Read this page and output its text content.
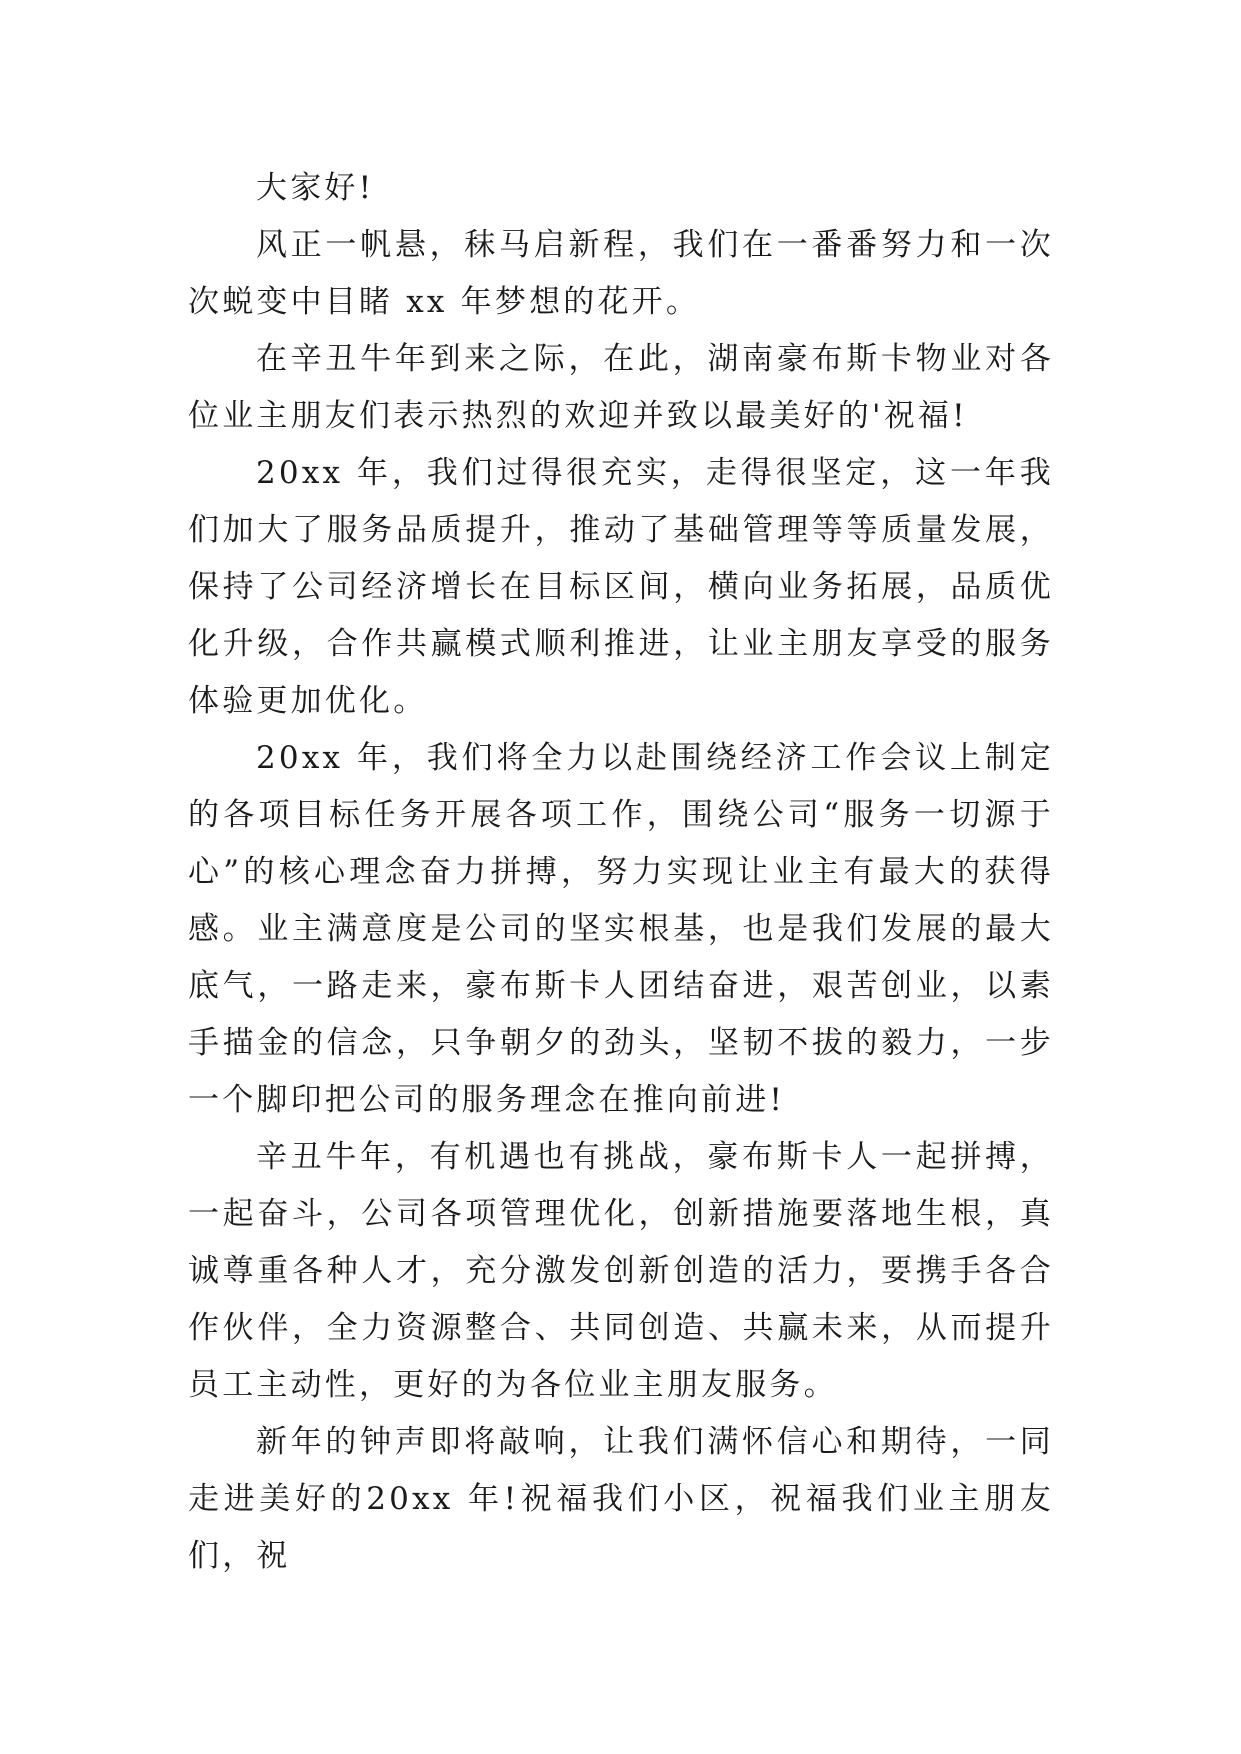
大家好!

风正一帆悬，秣马启新程，我们在一番番努力和一次次蜕变中目睹 xx 年梦想的花开。

在辛丑牛年到来之际，在此，湖南豪布斯卡物业对各位业主朋友们表示热烈的欢迎并致以最美好的'祝福!

20xx 年，我们过得很充实，走得很坚定，这一年我们加大了服务品质提升，推动了基础管理等等质量发展，保持了公司经济增长在目标区间，横向业务拓展，品质优化升级，合作共赢模式顺利推进，让业主朋友享受的服务体验更加优化。

20xx 年，我们将全力以赴围绕经济工作会议上制定的各项目标任务开展各项工作，围绕公司“服务一切源于心”的核心理念奋力拼搏，努力实现让业主有最大的获得感。业主满意度是公司的坚实根基，也是我们发展的最大底气，一路走来，豪布斯卡人团结奋进，艰苦创业，以素手描金的信念，只争朝夕的劲头，坚韧不拔的毅力，一步一个脚印把公司的服务理念在推向前进!

辛丑牛年，有机遇也有挑战，豪布斯卡人一起拼搏，一起奋斗，公司各项管理优化，创新措施要落地生根，真诚尊重各种人才，充分激发创新创造的活力，要携手各合作伙伴，全力资源整合、共同创造、共赢未来，从而提升员工主动性，更好的为各位业主朋友服务。

新年的钟声即将敲响，让我们满怀信心和期待，一同走进美好的20xx 年!祝福我们小区，祝福我们业主朋友们，祝
